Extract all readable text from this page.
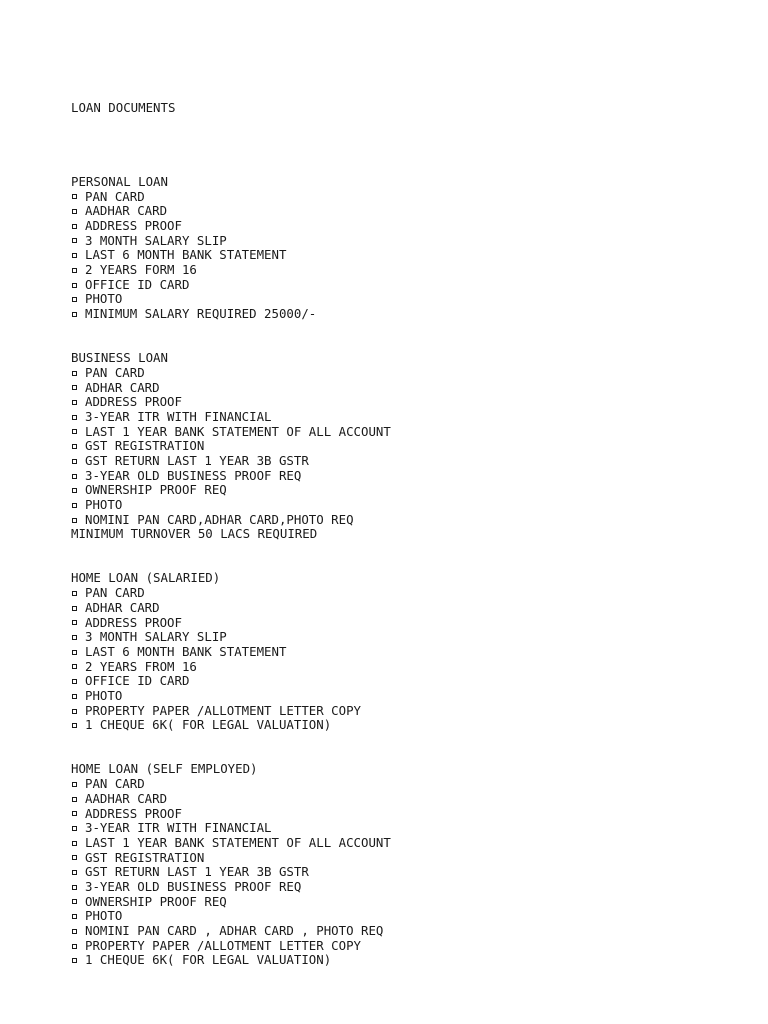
LOAN DOCUMENTS

PERSONAL LOAN
PAN CARD
AADHAR CARD
ADDRESS PROOF
3 MONTH SALARY SLIP
LAST 6 MONTH BANK STATEMENT
2 YEARS FORM 16
OFFICE ID CARD
PHOTO
MINIMUM SALARY REQUIRED 25000/-
BUSINESS LOAN
PAN CARD
ADHAR CARD
ADDRESS PROOF
3-YEAR ITR WITH FINANCIAL
LAST 1 YEAR BANK STATEMENT OF ALL ACCOUNT
GST REGISTRATION
GST RETURN LAST 1 YEAR 3B GSTR
3-YEAR OLD BUSINESS PROOF REQ
OWNERSHIP PROOF REQ
PHOTO
NOMINI PAN CARD,ADHAR CARD,PHOTO REQ
MINIMUM TURNOVER 50 LACS REQUIRED
HOME LOAN (SALARIED)
PAN CARD
ADHAR CARD
ADDRESS PROOF
3 MONTH SALARY SLIP
LAST 6 MONTH BANK STATEMENT
2 YEARS FROM 16
OFFICE ID CARD
PHOTO
PROPERTY PAPER /ALLOTMENT LETTER COPY
1 CHEQUE 6K( FOR LEGAL VALUATION)
HOME LOAN (SELF EMPLOYED)
PAN CARD
AADHAR CARD
ADDRESS PROOF
3-YEAR ITR WITH FINANCIAL
LAST 1 YEAR BANK STATEMENT OF ALL ACCOUNT
GST REGISTRATION
GST RETURN LAST 1 YEAR 3B GSTR
3-YEAR OLD BUSINESS PROOF REQ
OWNERSHIP PROOF REQ
PHOTO
NOMINI PAN CARD , ADHAR CARD , PHOTO REQ
PROPERTY PAPER /ALLOTMENT LETTER COPY
1 CHEQUE 6K( FOR LEGAL VALUATION)
